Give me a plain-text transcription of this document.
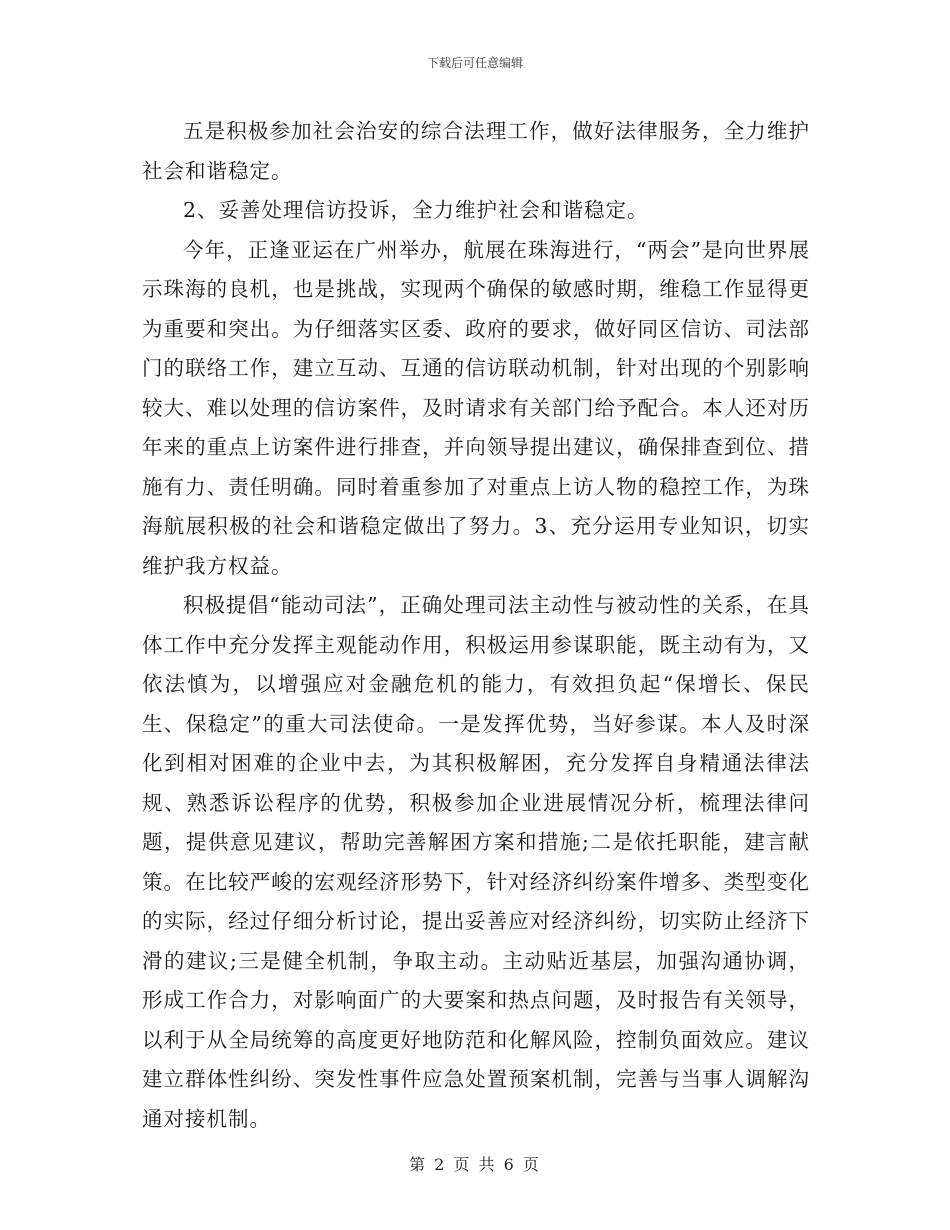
下载后可任意编辑

五是积极参加社会治安的综合法理工作，做好法律服务，全力维护社会和谐稳定。

2、妥善处理信访投诉，全力维护社会和谐稳定。

今年，正逢亚运在广州举办，航展在珠海进行，“两会”是向世界展示珠海的良机，也是挑战，实现两个确保的敏感时期，维稳工作显得更为重要和突出。为仔细落实区委、政府的要求，做好同区信访、司法部门的联络工作，建立互动、互通的信访联动机制，针对出现的个别影响较大、难以处理的信访案件，及时请求有关部门给予配合。本人还对历年来的重点上访案件进行排查，并向领导提出建议，确保排查到位、措施有力、责任明确。同时着重参加了对重点上访人物的稳控工作，为珠海航展积极的社会和谐稳定做出了努力。3、充分运用专业知识，切实维护我方权益。

积极提倡“能动司法”，正确处理司法主动性与被动性的关系，在具体工作中充分发挥主观能动作用，积极运用参谋职能，既主动有为，又依法慎为，以增强应对金融危机的能力，有效担负起“保增长、保民生、保稳定”的重大司法使命。一是发挥优势，当好参谋。本人及时深化到相对困难的企业中去，为其积极解困，充分发挥自身精通法律法规、熟悉诉讼程序的优势，积极参加企业进展情况分析，梳理法律问题，提供意见建议，帮助完善解困方案和措施;二是依托职能，建言献策。在比较严峻的宏观经济形势下，针对经济纠纷案件增多、类型变化的实际，经过仔细分析讨论，提出妥善应对经济纠纷，切实防止经济下滑的建议;三是健全机制，争取主动。主动贴近基层，加强沟通协调，形成工作合力，对影响面广的大要案和热点问题，及时报告有关领导，以利于从全局统筹的高度更好地防范和化解风险，控制负面效应。建议建立群体性纠纷、突发性事件应急处置预案机制，完善与当事人调解沟通对接机制。

第 2 页 共 6 页
